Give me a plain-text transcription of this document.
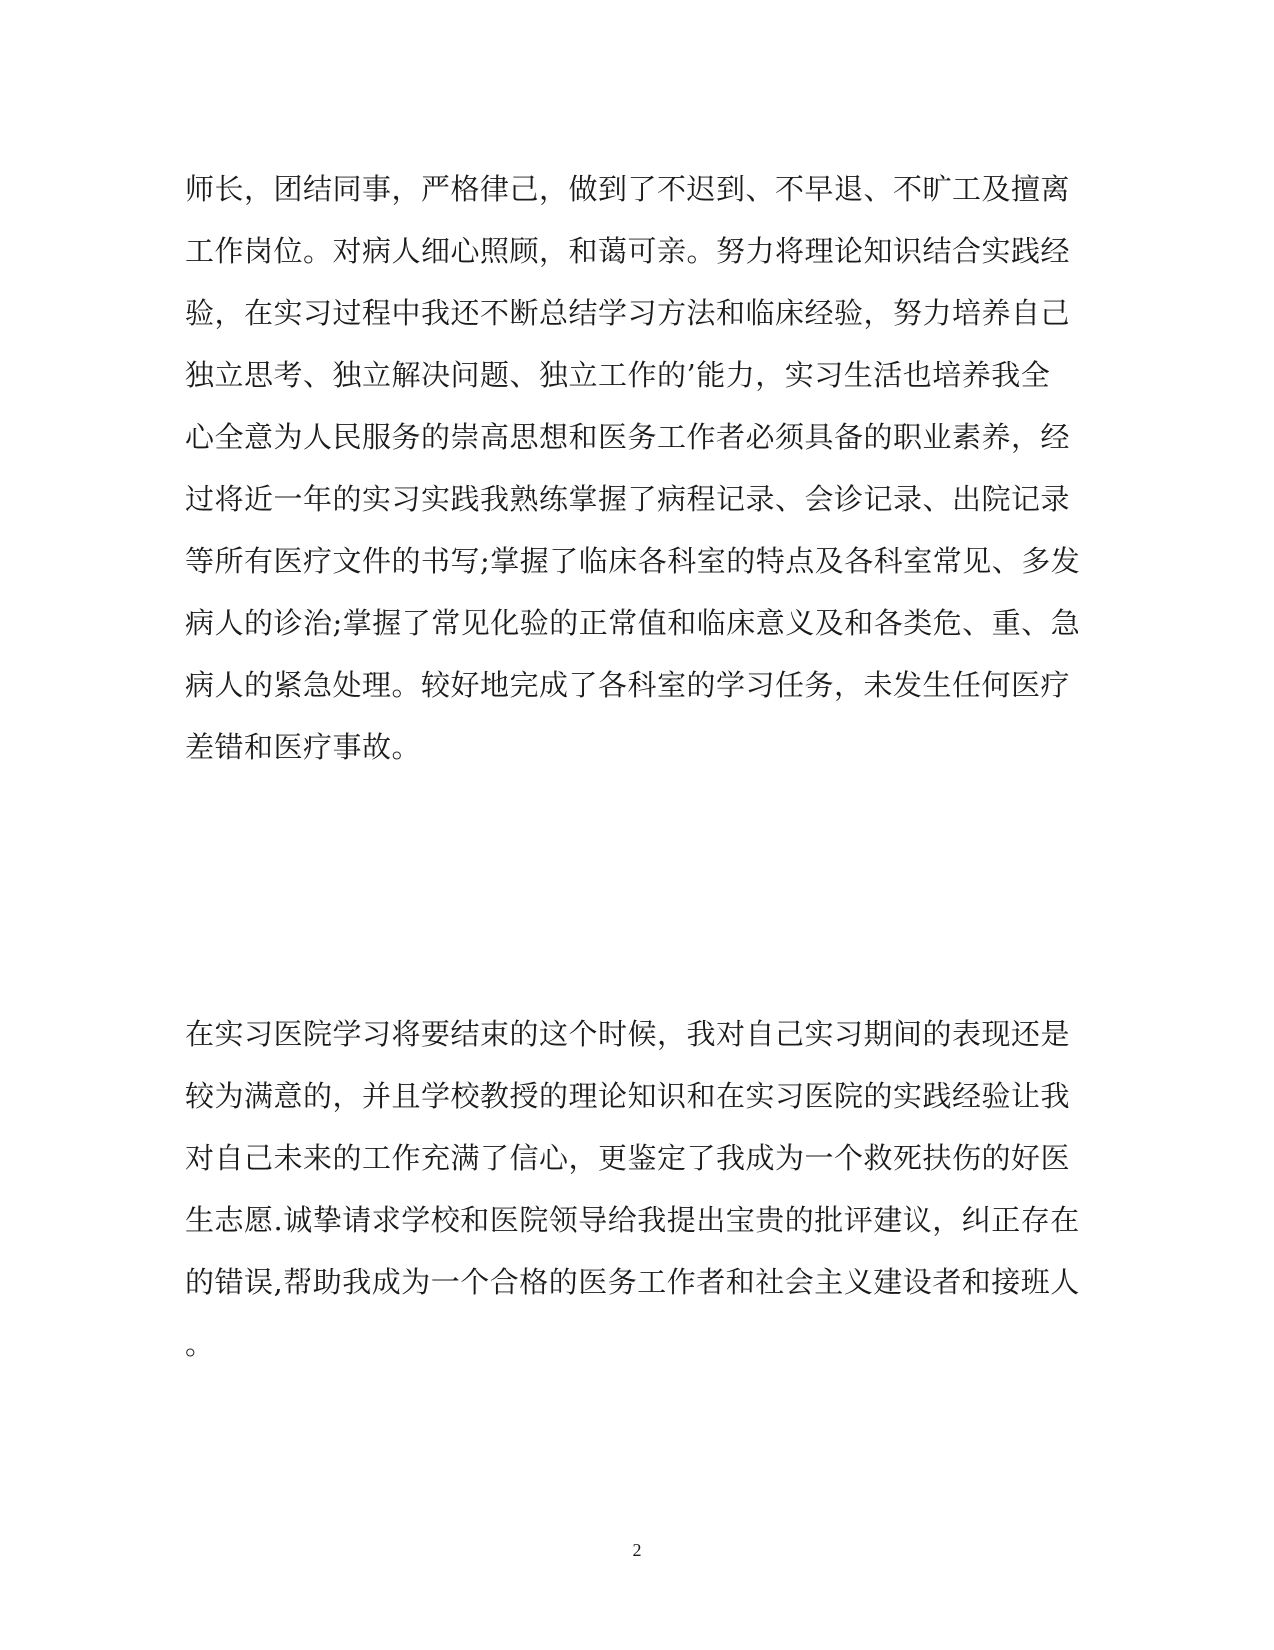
师长，团结同事，严格律己，做到了不迟到、不早退、不旷工及擅离
工作岗位。对病人细心照顾，和蔼可亲。努力将理论知识结合实践经
验，在实习过程中我还不断总结学习方法和临床经验，努力培养自己
独立思考、独立解决问题、独立工作的’能力，实习生活也培养我全
心全意为人民服务的崇高思想和医务工作者必须具备的职业素养，经
过将近一年的实习实践我熟练掌握了病程记录、会诊记录、出院记录
等所有医疗文件的书写;掌握了临床各科室的特点及各科室常见、多发
病人的诊治;掌握了常见化验的正常值和临床意义及和各类危、重、急
病人的紧急处理。较好地完成了各科室的学习任务，未发生任何医疗
差错和医疗事故。
在实习医院学习将要结束的这个时候，我对自己实习期间的表现还是
较为满意的，并且学校教授的理论知识和在实习医院的实践经验让我
对自己未来的工作充满了信心，更鉴定了我成为一个救死扶伤的好医
生志愿.诚挚请求学校和医院领导给我提出宝贵的批评建议，纠正存在
的错误,帮助我成为一个合格的医务工作者和社会主义建设者和接班人
。
2
